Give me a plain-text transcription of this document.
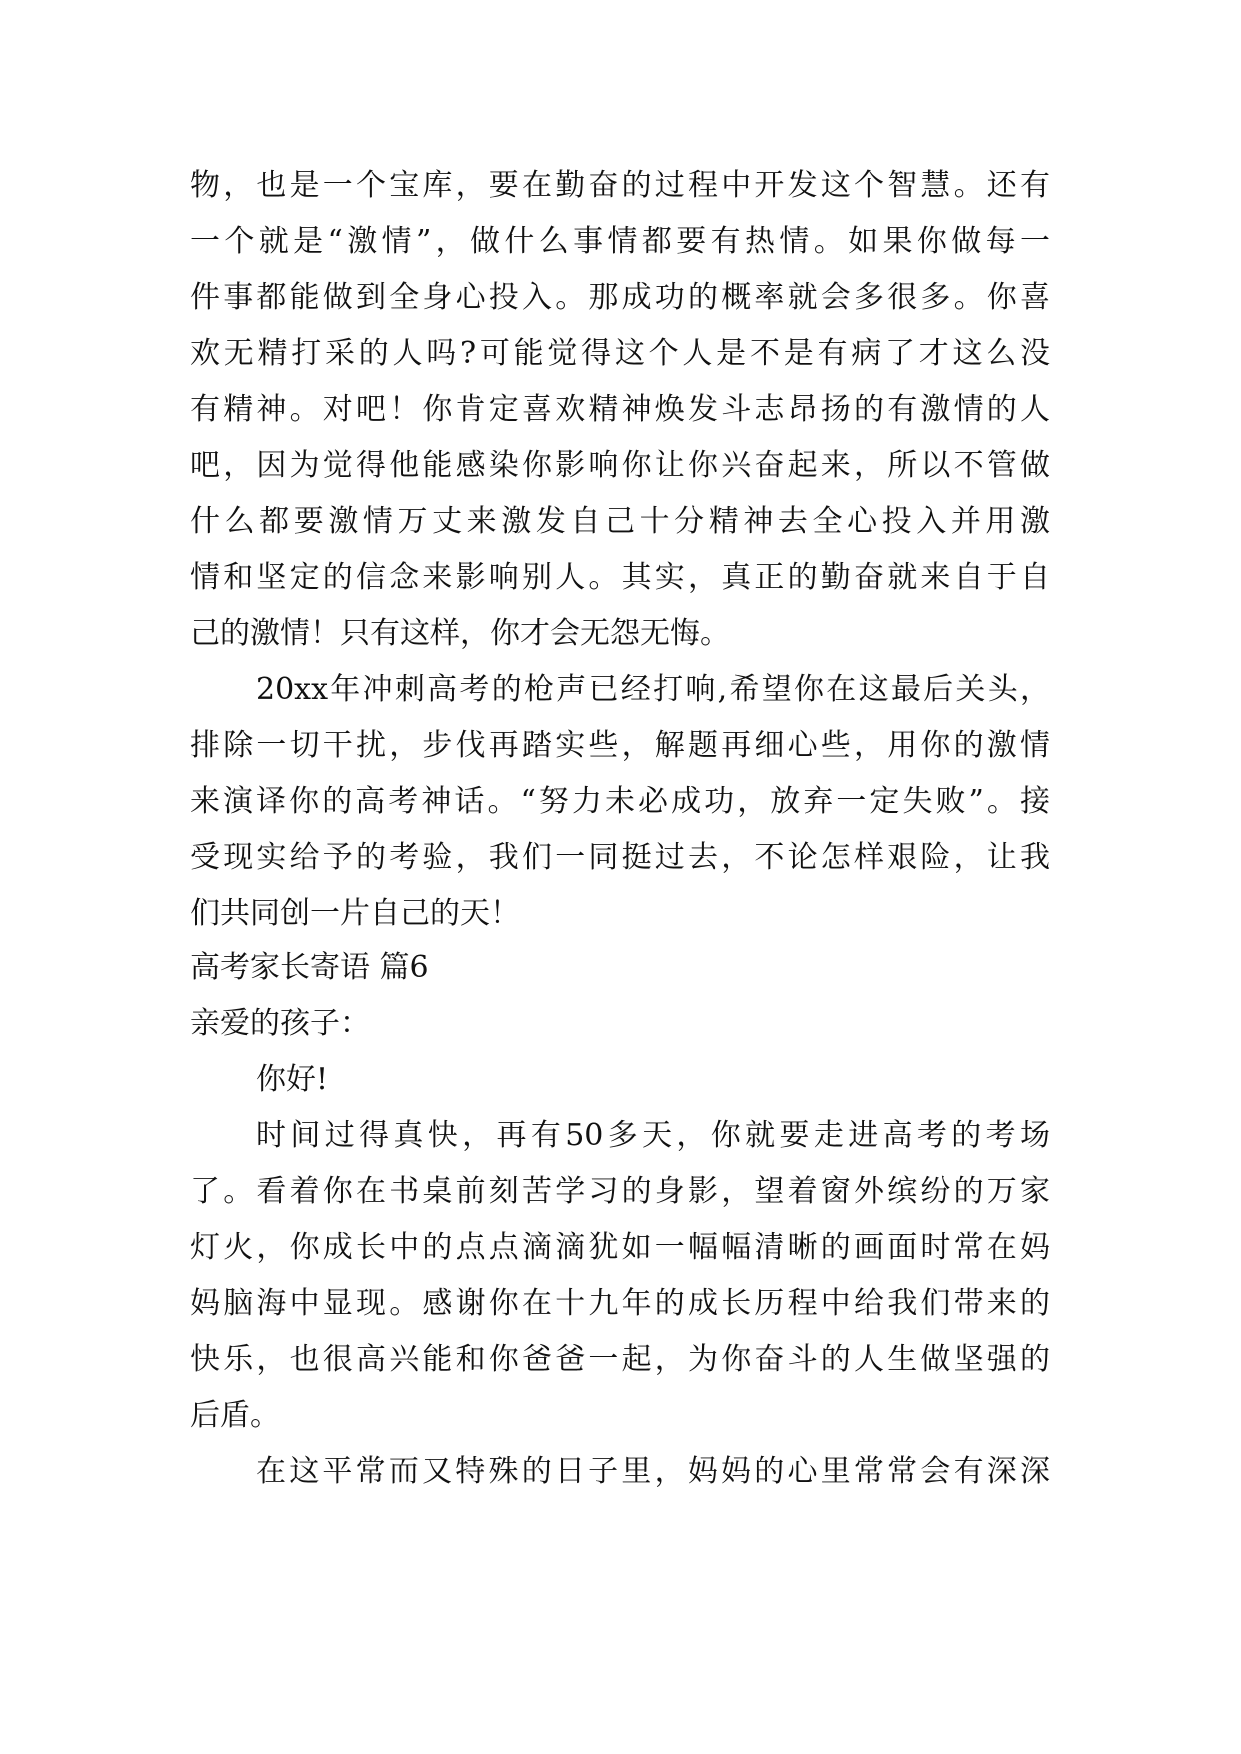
物，也是一个宝库，要在勤奋的过程中开发这个智慧。还有
一个就是“激情”，做什么事情都要有热情。如果你做每一
件事都能做到全身心投入。那成功的概率就会多很多。你喜
欢无精打采的人吗?可能觉得这个人是不是有病了才这么没
有精神。对吧！你肯定喜欢精神焕发斗志昂扬的有激情的人
吧，因为觉得他能感染你影响你让你兴奋起来，所以不管做
什么都要激情万丈来激发自己十分精神去全心投入并用激
情和坚定的信念来影响别人。其实，真正的勤奋就来自于自
己的激情！只有这样，你才会无怨无悔。
20xx年冲刺高考的枪声已经打响,希望你在这最后关头，
排除一切干扰，步伐再踏实些，解题再细心些，用你的激情
来演译你的高考神话。“努力未必成功，放弃一定失败”。接
受现实给予的考验，我们一同挺过去，不论怎样艰险，让我
们共同创一片自己的天！
高考家长寄语 篇6
亲爱的孩子：
你好!
时间过得真快，再有50多天，你就要走进高考的考场
了。看着你在书桌前刻苦学习的身影，望着窗外缤纷的万家
灯火，你成长中的点点滴滴犹如一幅幅清晰的画面时常在妈
妈脑海中显现。感谢你在十九年的成长历程中给我们带来的
快乐，也很高兴能和你爸爸一起，为你奋斗的人生做坚强的
后盾。
在这平常而又特殊的日子里，妈妈的心里常常会有深深
